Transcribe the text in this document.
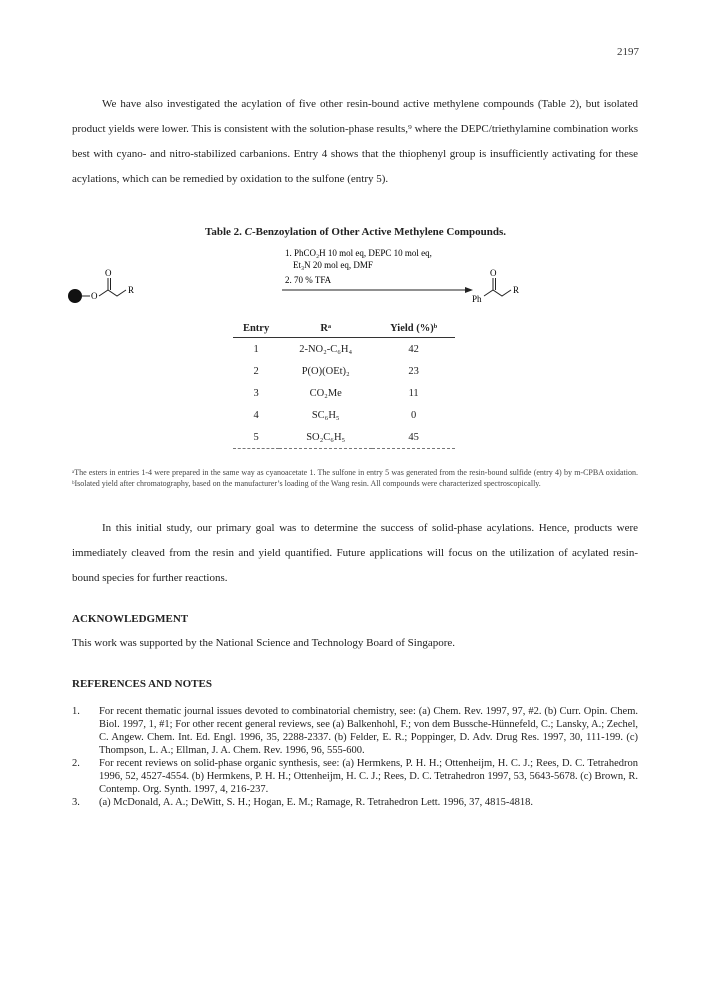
2197

We have also investigated the acylation of five other resin-bound active methylene compounds (Table 2), but isolated product yields were lower. This is consistent with the solution-phase results,⁹ where the DEPC/triethylamine combination works best with cyano- and nitro-stabilized carbanions. Entry 4 shows that the thiophenyl group is insufficiently activating for these acylations, which can be remedied by oxidation to the sulfone (entry 5).

Table 2. C-Benzoylation of Other Active Methylene Compounds.
O
O
R
1. PhCO₂H 10 mol eq, DEPC 10 mol eq,
Et₃N 20 mol eq, DMF
2. 70 % TFA
Ph
O
R
Entry	Rᵃ	Yield (%)ᵇ
1	2-NO₂-C₆H₄	42
2	P(O)(OEt)₂	23
3	CO₂Me	11
4	SC₆H₅	0
5	SO₂C₆H₅	45

ᵃThe esters in entries 1-4 were prepared in the same way as cyanoacetate 1. The sulfone in entry 5 was generated from the resin-bound sulfide (entry 4) by m-CPBA oxidation. ᵇIsolated yield after chromatography, based on the manufacturer’s loading of the Wang resin. All compounds were characterized spectroscopically.

In this initial study, our primary goal was to determine the success of solid-phase acylations. Hence, products were immediately cleaved from the resin and yield quantified. Future applications will focus on the utilization of acylated resin-bound species for further reactions.

ACKNOWLEDGMENT
This work was supported by the National Science and Technology Board of Singapore.
REFERENCES AND NOTES
1. For recent thematic journal issues devoted to combinatorial chemistry, see: (a) Chem. Rev. 1997, 97, #2. (b) Curr. Opin. Chem. Biol. 1997, 1, #1; For other recent general reviews, see (a) Balkenhohl, F.; von dem Bussche-Hünnefeld, C.; Lansky, A.; Zechel, C. Angew. Chem. Int. Ed. Engl. 1996, 35, 2288-2337. (b) Felder, E. R.; Poppinger, D. Adv. Drug Res. 1997, 30, 111-199. (c) Thompson, L. A.; Ellman, J. A. Chem. Rev. 1996, 96, 555-600.
2. For recent reviews on solid-phase organic synthesis, see: (a) Hermkens, P. H. H.; Ottenheijm, H. C. J.; Rees, D. C. Tetrahedron 1996, 52, 4527-4554. (b) Hermkens, P. H. H.; Ottenheijm, H. C. J.; Rees, D. C. Tetrahedron 1997, 53, 5643-5678. (c) Brown, R. Contemp. Org. Synth. 1997, 4, 216-237.
3. (a) McDonald, A. A.; DeWitt, S. H.; Hogan, E. M.; Ramage, R. Tetrahedron Lett. 1996, 37, 4815-4818.
